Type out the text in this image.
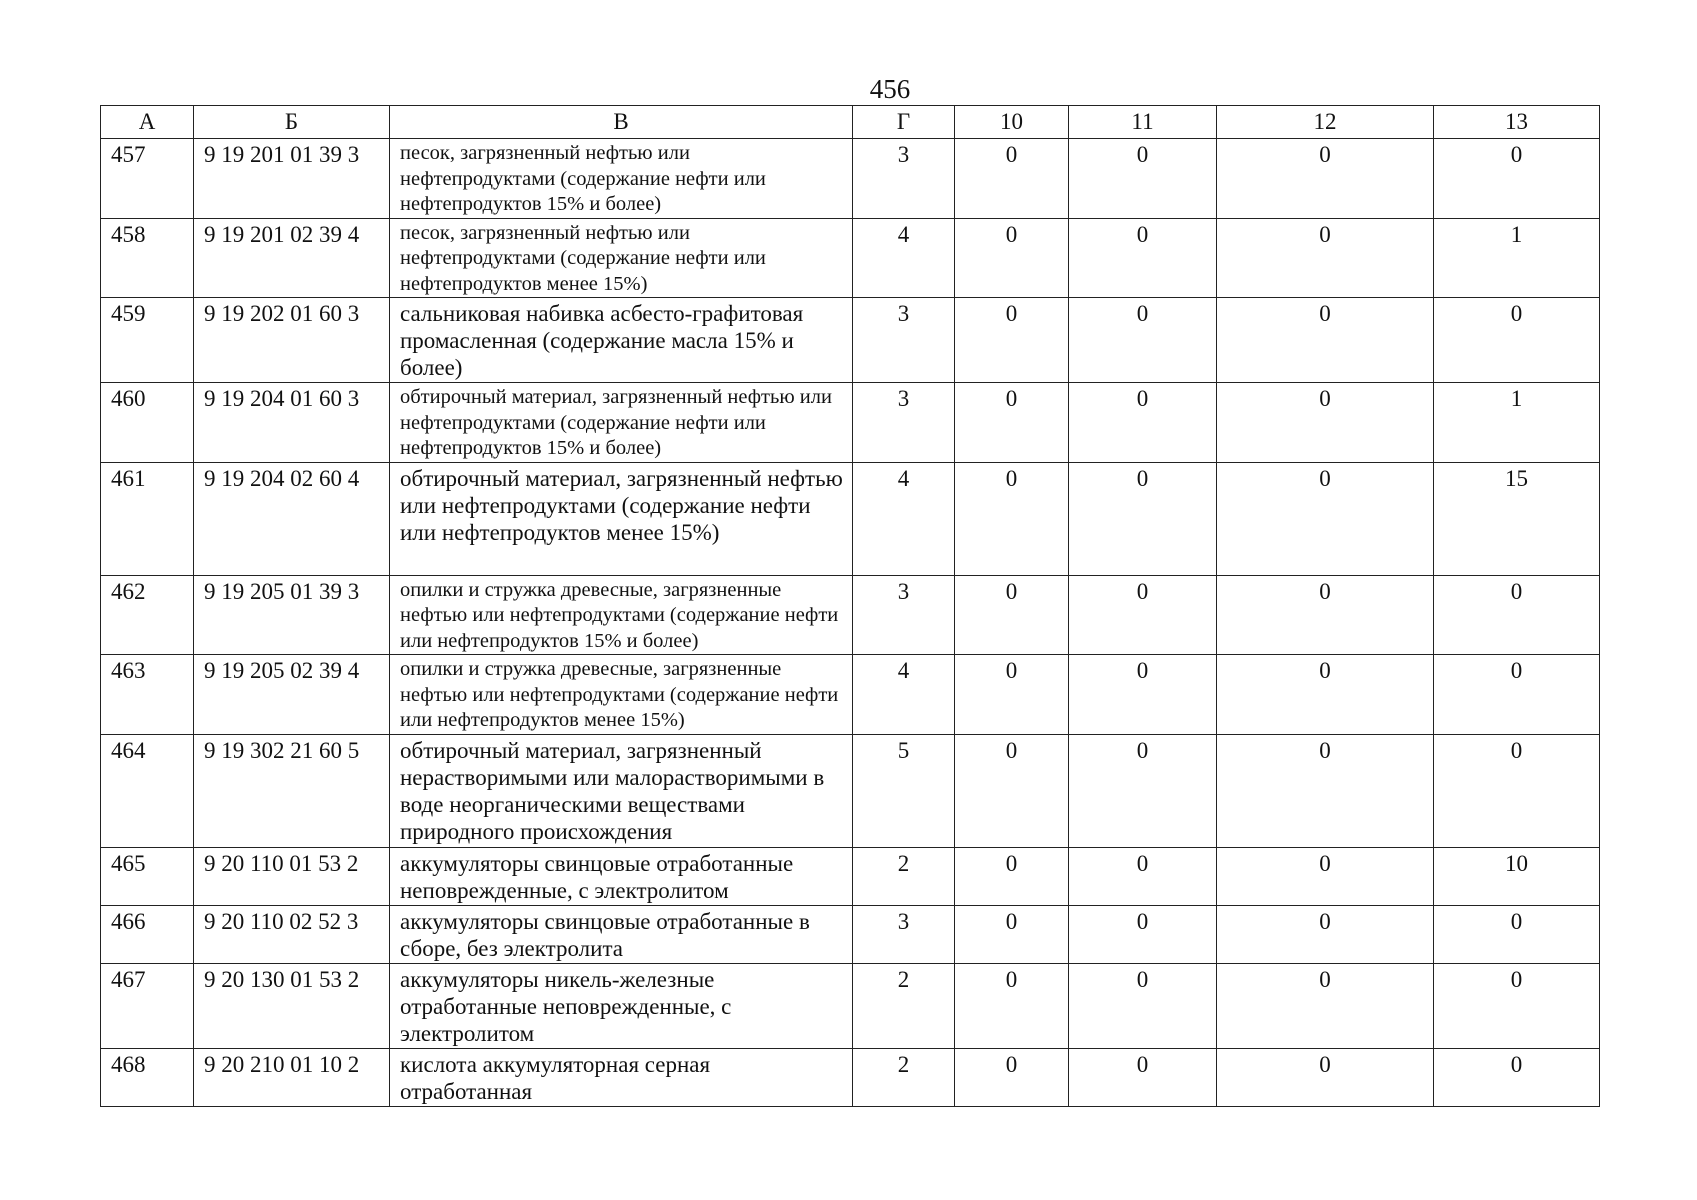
456
А	Б	В	Г	10	11	12	13
457	9 19 201 01 39 3	песок, загрязненный нефтью или нефтепродуктами (содержание нефти или нефтепродуктов 15% и более)	3	0	0	0	0
458	9 19 201 02 39 4	песок, загрязненный нефтью или нефтепродуктами (содержание нефти или нефтепродуктов менее 15%)	4	0	0	0	1
459	9 19 202 01 60 3	сальниковая набивка асбесто-графитовая промасленная (содержание масла 15% и более)	3	0	0	0	0
460	9 19 204 01 60 3	обтирочный материал, загрязненный нефтью или нефтепродуктами (содержание нефти или нефтепродуктов 15% и более)	3	0	0	0	1
461	9 19 204 02 60 4	обтирочный материал, загрязненный нефтью или нефтепродуктами (содержание нефти или нефтепродуктов менее 15%)	4	0	0	0	15
462	9 19 205 01 39 3	опилки и стружка древесные, загрязненные нефтью или нефтепродуктами (содержание нефти или нефтепродуктов 15% и более)	3	0	0	0	0
463	9 19 205 02 39 4	опилки и стружка древесные, загрязненные нефтью или нефтепродуктами (содержание нефти или нефтепродуктов менее 15%)	4	0	0	0	0
464	9 19 302 21 60 5	обтирочный материал, загрязненный нерастворимыми или малорастворимыми в воде неорганическими веществами природного происхождения	5	0	0	0	0
465	9 20 110 01 53 2	аккумуляторы свинцовые отработанные неповрежденные, с электролитом	2	0	0	0	10
466	9 20 110 02 52 3	аккумуляторы свинцовые отработанные в сборе, без электролита	3	0	0	0	0
467	9 20 130 01 53 2	аккумуляторы никель-железные отработанные неповрежденные, с электролитом	2	0	0	0	0
468	9 20 210 01 10 2	кислота аккумуляторная серная отработанная	2	0	0	0	0
